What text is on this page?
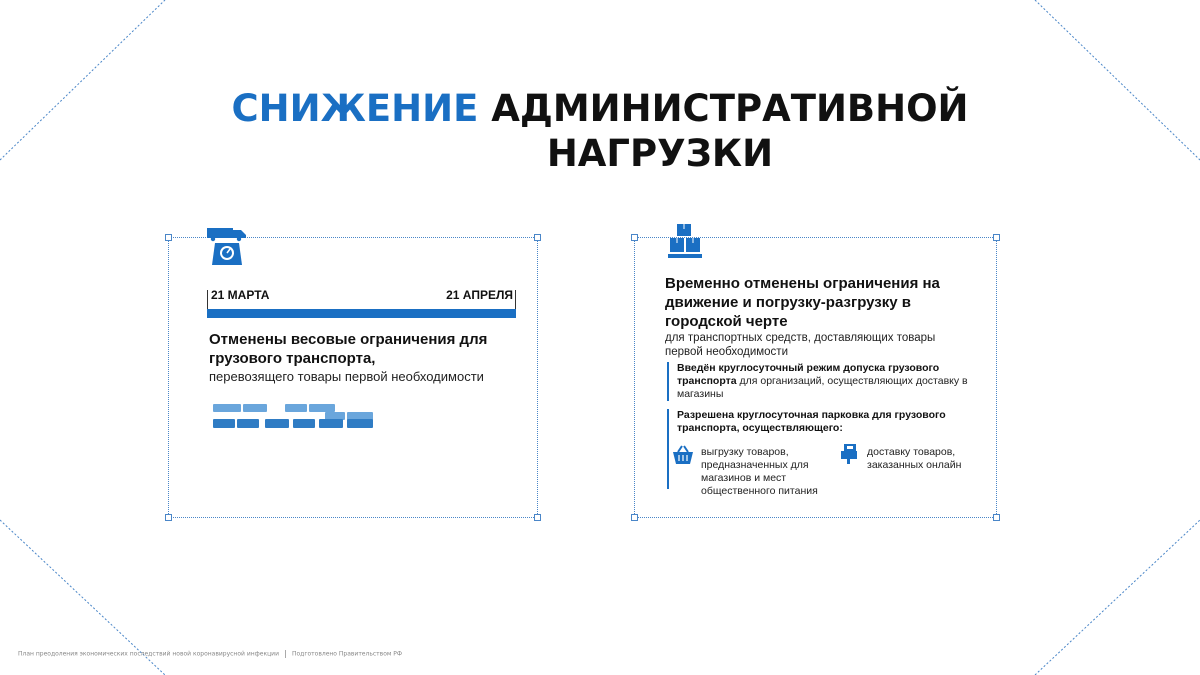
СНИЖЕНИЕ АДМИНИСТРАТИВНОЙ
НАГРУЗКИ
21 МАРТА	21 АПРЕЛЯ
Отменены весовые ограничения для грузового транспорта,
перевозящего товары первой необходимости
Временно отменены ограничения на движение и погрузку-разгрузку в городской черте
для транспортных средств, доставляющих товары первой необходимости
Введён круглосуточный режим допуска грузового транспорта для организаций, осуществляющих доставку в магазины
Разрешена круглосуточная парковка для грузового транспорта, осуществляющего:
выгрузку товаров, предназначенных для магазинов и мест общественного питания
доставку товаров, заказанных онлайн
План преодоления экономических последствий новой коронавирусной инфекции Подготовлено Правительством РФ
